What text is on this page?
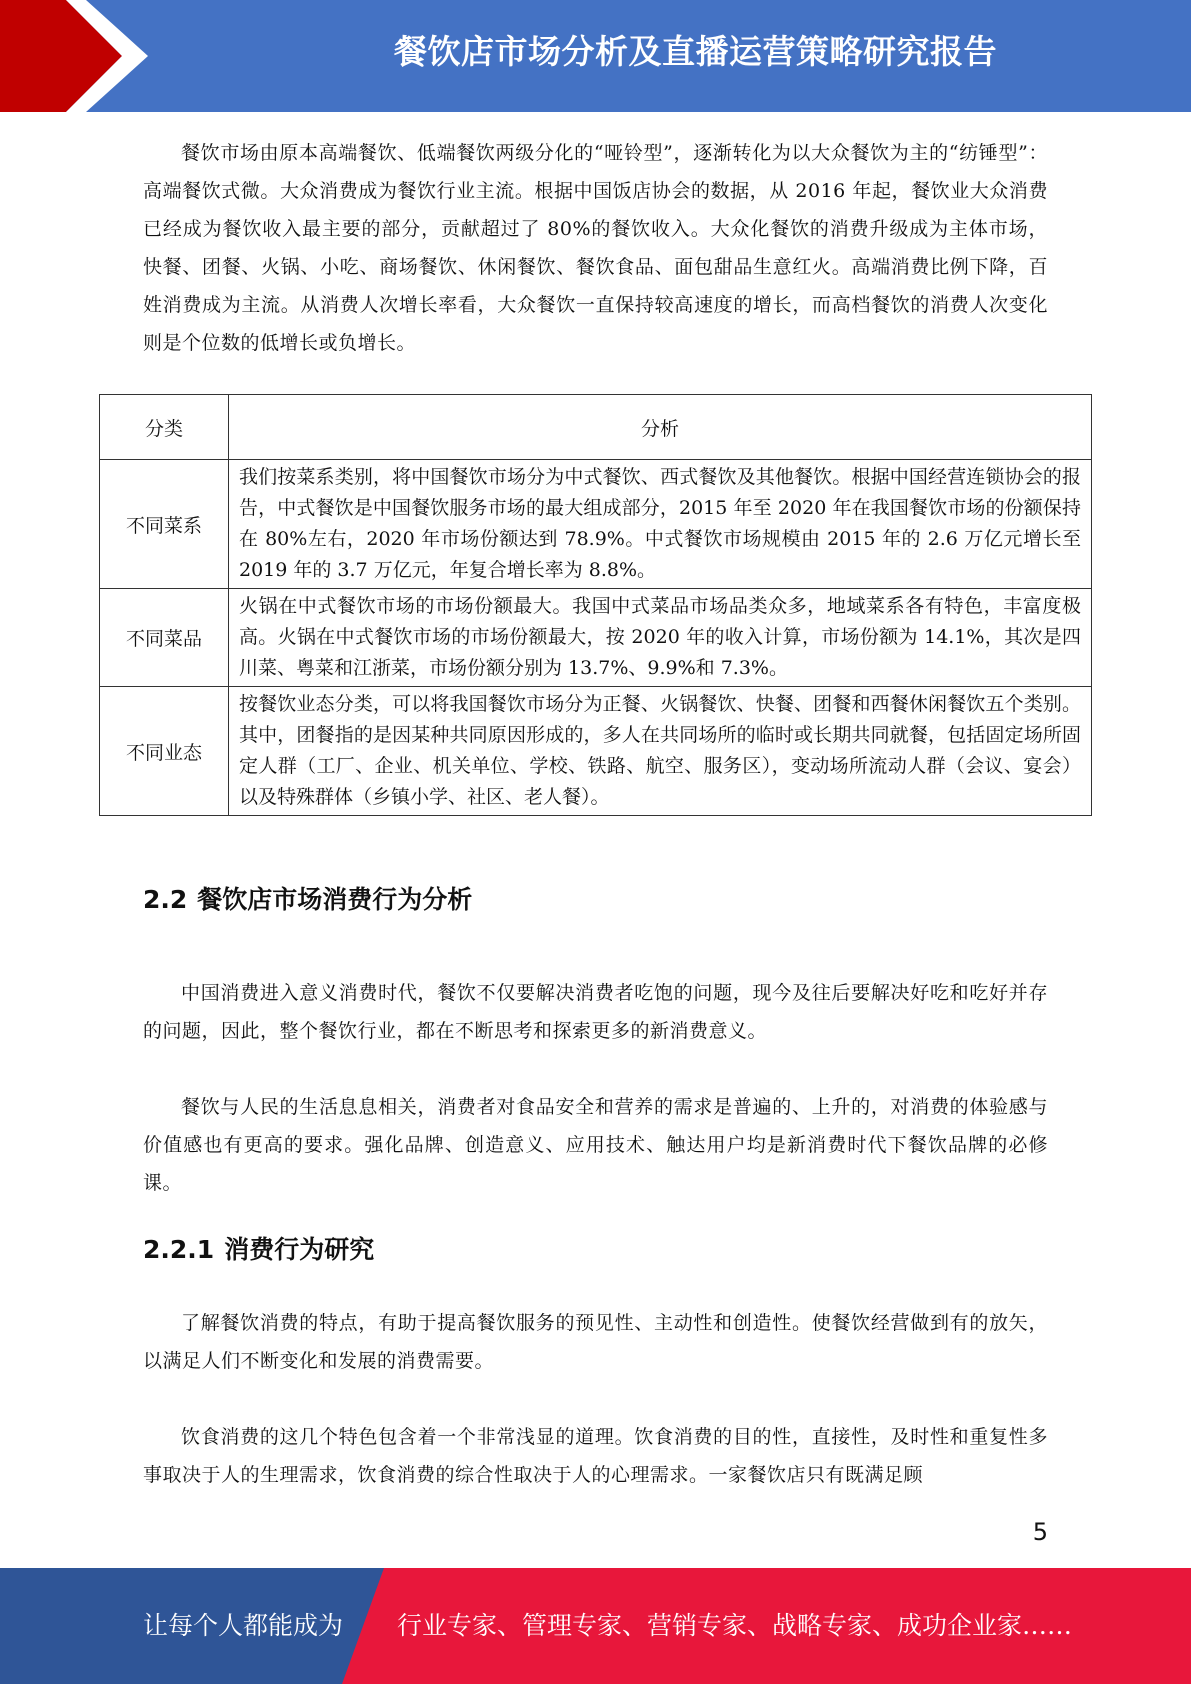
餐饮店市场分析及直播运营策略研究报告

餐饮市场由原本高端餐饮、低端餐饮两级分化的“哑铃型”，逐渐转化为以大众餐饮为主的“纺锤型”：高端餐饮式微。大众消费成为餐饮行业主流。根据中国饭店协会的数据，从 2016 年起，餐饮业大众消费已经成为餐饮收入最主要的部分，贡献超过了 80%的餐饮收入。大众化餐饮的消费升级成为主体市场，快餐、团餐、火锅、小吃、商场餐饮、休闲餐饮、餐饮食品、面包甜品生意红火。高端消费比例下降，百姓消费成为主流。从消费人次增长率看，大众餐饮一直保持较高速度的增长，而高档餐饮的消费人次变化则是个位数的低增长或负增长。

分类	分析
不同菜系	我们按菜系类别，将中国餐饮市场分为中式餐饮、西式餐饮及其他餐饮。根据中国经营连锁协会的报告，中式餐饮是中国餐饮服务市场的最大组成部分，2015 年至 2020 年在我国餐饮市场的份额保持在 80%左右，2020 年市场份额达到 78.9%。中式餐饮市场规模由 2015 年的 2.6 万亿元增长至 2019 年的 3.7 万亿元，年复合增长率为 8.8%。
不同菜品	火锅在中式餐饮市场的市场份额最大。我国中式菜品市场品类众多，地域菜系各有特色，丰富度极高。火锅在中式餐饮市场的市场份额最大，按 2020 年的收入计算，市场份额为 14.1%，其次是四川菜、粤菜和江浙菜，市场份额分别为 13.7%、9.9%和 7.3%。
不同业态	按餐饮业态分类，可以将我国餐饮市场分为正餐、火锅餐饮、快餐、团餐和西餐休闲餐饮五个类别。其中，团餐指的是因某种共同原因形成的，多人在共同场所的临时或长期共同就餐，包括固定场所固定人群（工厂、企业、机关单位、学校、铁路、航空、服务区），变动场所流动人群（会议、宴会）以及特殊群体（乡镇小学、社区、老人餐）。
2.2 餐饮店市场消费行为分析

中国消费进入意义消费时代，餐饮不仅要解决消费者吃饱的问题，现今及往后要解决好吃和吃好并存的问题，因此，整个餐饮行业，都在不断思考和探索更多的新消费意义。

餐饮与人民的生活息息相关，消费者对食品安全和营养的需求是普遍的、上升的，对消费的体验感与价值感也有更高的要求。强化品牌、创造意义、应用技术、触达用户均是新消费时代下餐饮品牌的必修课。

2.2.1 消费行为研究

了解餐饮消费的特点，有助于提高餐饮服务的预见性、主动性和创造性。使餐饮经营做到有的放矢，以满足人们不断变化和发展的消费需要。

饮食消费的这几个特色包含着一个非常浅显的道理。饮食消费的目的性，直接性，及时性和重复性多事取决于人的生理需求，饮食消费的综合性取决于人的心理需求。一家餐饮店只有既满足顾

5
让每个人都能成为 行业专家、管理专家、营销专家、战略专家、成功企业家……
